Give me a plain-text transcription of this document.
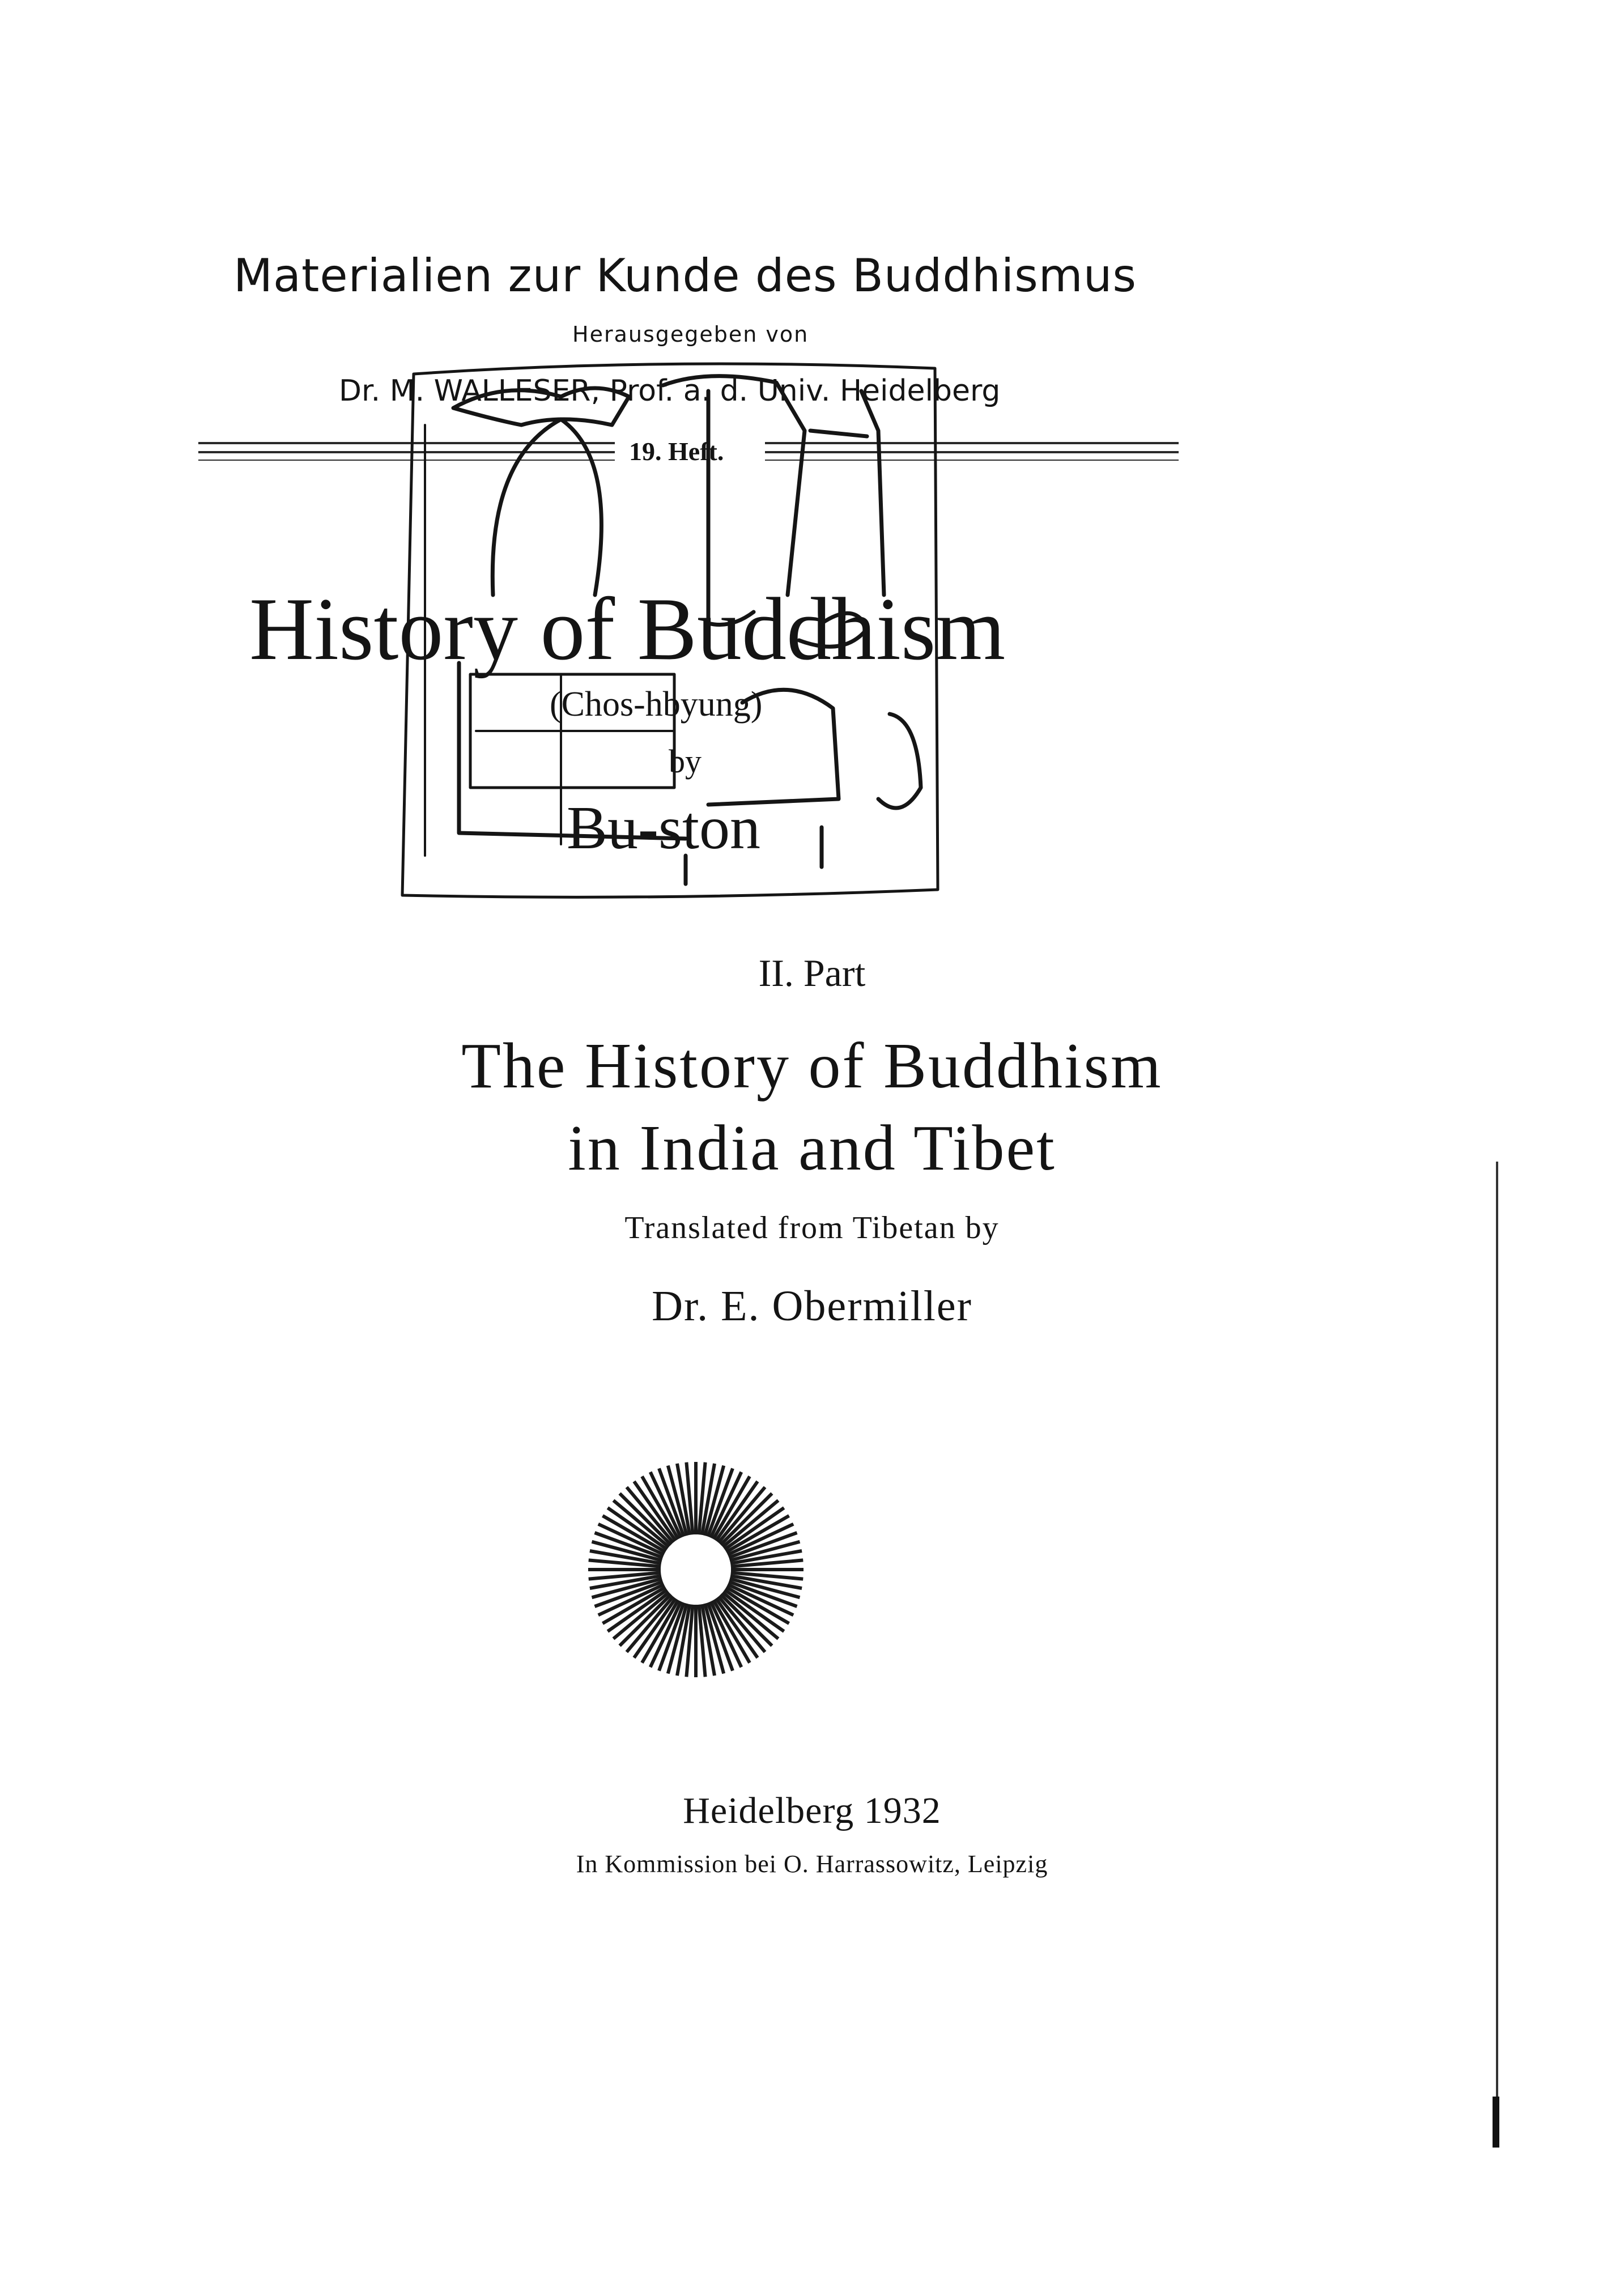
Materialien zur Kunde des Buddhismus
Herausgegeben von
Dr. M. WALLESER, Prof. a. d. Univ. Heidelberg
19. Heft.
History of Buddhism
(Chos-hbyung)
by
Bu-ston
II. Part
The History of Buddhism
in India and Tibet
Translated from Tibetan by
Dr. E. Obermiller
Heidelberg 1932
In Kommission bei O. Harrassowitz, Leipzig
